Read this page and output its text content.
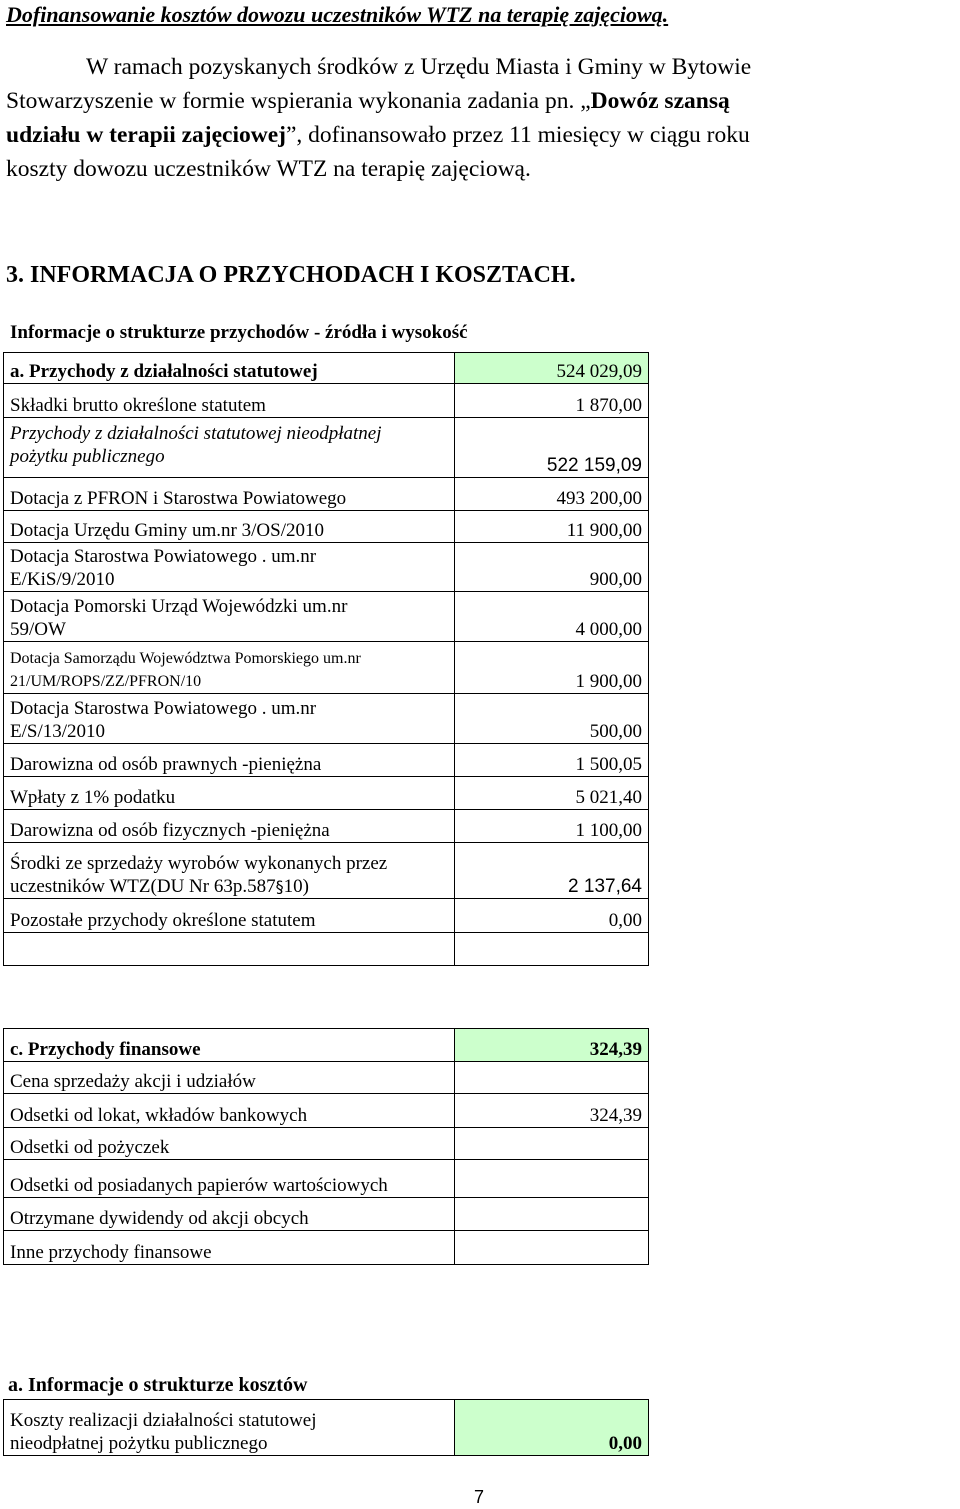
Dofinansowanie kosztów dowozu uczestników WTZ na terapię zajęciową.
W ramach pozyskanych środków z Urzędu Miasta i Gminy w Bytowie
Stowarzyszenie w formie wspierania wykonania zadania pn. „Dowóz szansą
udziału w terapii zajęciowej”, dofinansowało przez 11 miesięcy w ciągu roku
koszty dowozu uczestników WTZ na terapię zajęciową.
3. INFORMACJA O PRZYCHODACH I KOSZTACH.
Informacje o strukturze przychodów - źródła i wysokość
a. Przychody z działalności statutowej	524 029,09
Składki brutto określone statutem	1 870,00

Przychody z działalności statutowej nieodpłatnej
pożytku publicznego	522 159,09
Dotacja z PFRON i Starostwa Powiatowego	493 200,00
Dotacja Urzędu Gminy um.nr 3/OS/2010	11 900,00

Dotacja Starostwa Powiatowego . um.nr
E/KiS/9/2010	900,00

Dotacja Pomorski Urząd Wojewódzki um.nr
59/OW	4 000,00

Dotacja Samorządu Województwa Pomorskiego um.nr
21/UM/ROPS/ZZ/PFRON/10	1 900,00

Dotacja Starostwa Powiatowego . um.nr
E/S/13/2010	500,00
Darowizna od osób prawnych -pieniężna	1 500,05
Wpłaty z 1% podatku	5 021,40
Darowizna od osób fizycznych -pieniężna	1 100,00

Środki ze sprzedaży wyrobów wykonanych przez
uczestników WTZ(DU Nr 63p.587§10)	2 137,64
Pozostałe przychody określone statutem	0,00

c. Przychody finansowe	324,39
Cena sprzedaży akcji i udziałów	
Odsetki od lokat, wkładów bankowych	324,39
Odsetki od pożyczek	
Odsetki od posiadanych papierów wartościowych	
Otrzymane dywidendy od akcji obcych	
Inne przychody finansowe	
a. Informacje o strukturze kosztów
Koszty realizacji działalności statutowej
nieodpłatnej pożytku publicznego	0,00
7
